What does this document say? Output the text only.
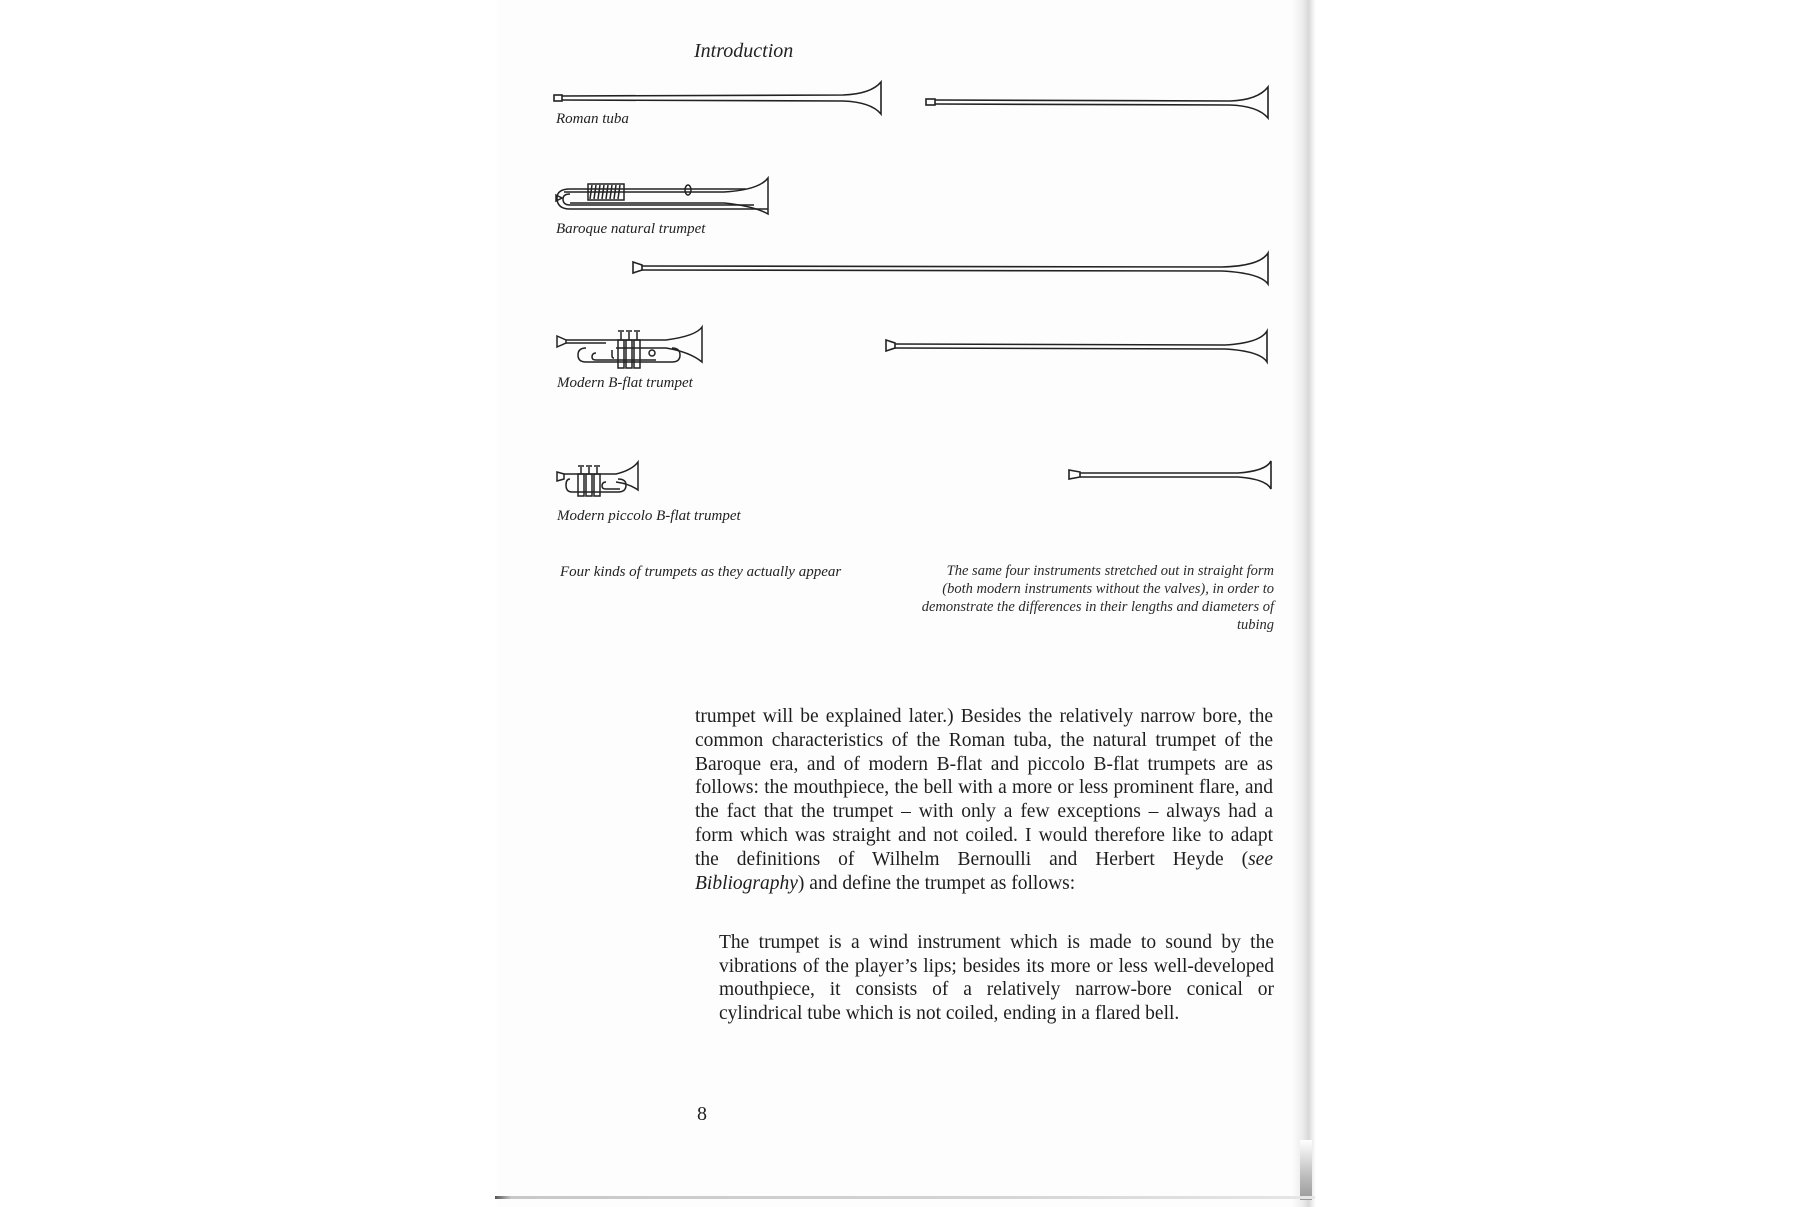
Introduction
Roman tuba
Baroque natural trumpet
Modern B-flat trumpet
Modern piccolo B-flat trumpet
Four kinds of trumpets as they actually appear	The same four instruments stretched out in straight form (both modern instruments without the valves), in order to demonstrate the differences in their lengths and diameters of tubing

trumpet will be explained later.) Besides the relatively narrow bore, the common characteristics of the Roman tuba, the natural trumpet of the Baroque era, and of modern B-flat and piccolo B-flat trumpets are as follows: the mouthpiece, the bell with a more or less prominent flare, and the fact that the trumpet – with only a few exceptions – always had a form which was straight and not coiled. I would therefore like to adapt the definitions of Wilhelm Bernoulli and Herbert Heyde (see Bibliography) and define the trumpet as follows:

The trumpet is a wind instrument which is made to sound by the vibrations of the player’s lips; besides its more or less well-developed mouthpiece, it consists of a relatively narrow-bore conical or cylindrical tube which is not coiled, ending in a flared bell.
8
